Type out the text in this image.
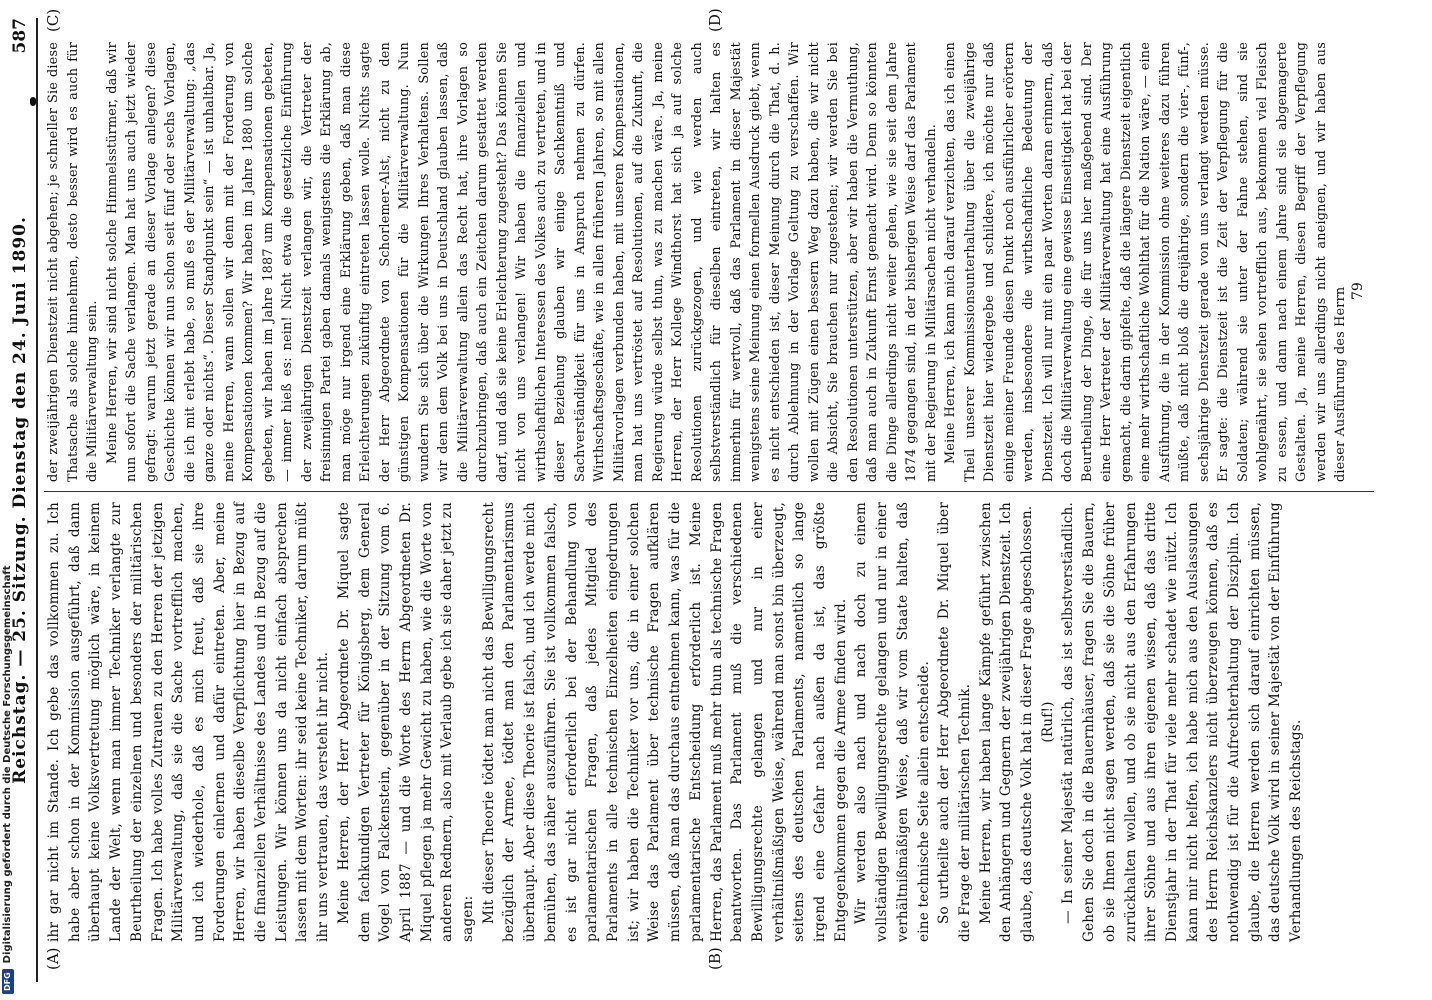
Reichstag. — 25. Sitzung. Dienstag den 24. Juni 1890.
587
(A)	(B)
(C)	(D)

ihr gar nicht im Stande. Ich gebe das vollkommen zu. Ich habe aber schon in der Kommission ausgeführt, daß dann überhaupt keine Volksvertretung möglich wäre, in keinem Lande der Welt, wenn man immer Techniker verlangte zur Beurtheilung der einzelnen und besonders der militärischen Fragen. Ich habe volles Zutrauen zu den Herren der jetzigen Militärverwaltung, daß sie die Sache vortrefflich machen, und ich wiederhole, daß es mich freut, daß sie ihre Forderungen einlernen und dafür eintreten. Aber, meine Herren, wir haben dieselbe Verpflichtung hier in Bezug auf die finanziellen Verhältnisse des Landes und in Bezug auf die Leistungen. Wir können uns da nicht einfach absprechen lassen mit dem Worten: ihr seid keine Techniker, darum müßt ihr uns vertrauen, das versteht ihr nicht. Meine Herren, der Herr Abgeordnete Dr. Miquel sagte dem fachkundigen Vertreter für Königsberg, dem General Vogel von Falckenstein, gegenüber in der Sitzung vom 6. April 1887 — und die Worte des Herrn Abgeordneten Dr. Miquel pflegen ja mehr Gewicht zu haben, wie die Worte von anderen Rednern, also mit Verlaub gebe ich sie daher jetzt zu sagen: Mit dieser Theorie tödtet man nicht das Bewilligungsrecht bezüglich der Armee, tödtet man den Parlamentarismus überhaupt. Aber diese Theorie ist falsch, und ich werde mich bemühen, das näher auszuführen. Sie ist vollkommen falsch, es ist gar nicht erforderlich bei der Behandlung von parlamentarischen Fragen, daß jedes Mitglied des Parlaments in alle technischen Einzelheiten eingedrungen ist; wir haben die Techniker vor uns, die in einer solchen Weise das Parlament über technische Fragen aufklären müssen, daß man das durchaus entnehmen kann, was für die parlamentarische Entscheidung erforderlich ist. Meine Herren, das Parlament muß mehr thun als technische Fragen beantworten. Das Parlament muß die verschiedenen Bewilligungsrechte gelangen und nur in einer verhältnißmäßigen Weise, während man sonst bin überzeugt, seitens des deutschen Parlaments, namentlich so lange irgend eine Gefahr nach außen da ist, das größte Entgegenkommen gegen die Armee finden wird. Wir werden also nach und nach doch zu einem vollständigen Bewilligungsrechte gelangen und nur in einer verhältnißmäßigen Weise, daß wir vom Staate halten, daß eine technische Seite allein entscheide. So urtheilte auch der Herr Abgeordnete Dr. Miquel über die Frage der militärischen Technik. Meine Herren, wir haben lange Kämpfe geführt zwischen den Anhängern und Gegnern der zweijährigen Dienstzeit. Ich glaube, das deutsche Volk hat in dieser Frage abgeschlossen. (Ruf!) — In seiner Majestät natürlich, das ist selbstverständlich. Gehen Sie doch in die Bauernhäuser, fragen Sie die Bauern, ob sie Ihnen nicht sagen werden, daß sie die Söhne früher zurückhalten wollen, und ob sie nicht aus den Erfahrungen ihrer Söhne und aus ihren eigenen wissen, daß das dritte Dienstjahr in der That für viele mehr schadet wie nützt. Ich kann mir nicht helfen, ich habe mich aus den Auslassungen des Herrn Reichskanzlers nicht überzeugen können, daß es nothwendig ist für die Aufrechterhaltung der Disziplin. Ich glaube, die Herren werden sich darauf einrichten müssen, das deutsche Volk wird in seiner Majestät von der Einführung Verhandlungen des Reichstags.

der zweijährigen Dienstzeit nicht abgehen; je schneller Sie diese Thatsache als solche hinnehmen, desto besser wird es auch für die Militärverwaltung sein. Meine Herren, wir sind nicht solche Himmelsstürmer, daß wir nun sofort die Sache verlangen. Man hat uns auch jetzt wieder gefragt: warum jetzt gerade an dieser Vorlage anlegen? diese Geschichte können wir nun schon seit fünf oder sechs Vorlagen, die ich mit erlebt habe, so muß es der Militärverwaltung: „das ganze oder nichts“. Dieser Standpunkt sein“ — ist unhaltbar. Ja, meine Herren, wann sollen wir denn mit der Forderung von Kompensationen kommen? Wir haben im Jahre 1880 um solche gebeten, wir haben im Jahre 1887 um Kompensationen gebeten, — immer hieß es: nein! Nicht etwa die gesetzliche Einführung der zweijährigen Dienstzeit verlangen wir, die Vertreter der freisinnigen Partei gaben damals wenigstens die Erklärung ab, man möge nur irgend eine Erklärung geben, daß man diese Erleichterungen zukünftig eintreten lassen wolle. Nichts sagte der Herr Abgeordnete von Schorlemer-Alst, nicht zu den günstigen Kompensationen für die Militärverwaltung. Nun wundern Sie sich über die Wirkungen Ihres Verhaltens. Sollen wir denn dem Volk bei uns in Deutschland glauben lassen, daß die Militärverwaltung allein das Recht hat, ihre Vorlagen so durchzubringen, daß auch ein Zeitchen darum gestattet werden darf, und daß sie keine Erleichterung zugesteht? Das können Sie nicht von uns verlangen! Wir haben die finanziellen und wirthschaftlichen Interessen des Volkes auch zu vertreten, und in dieser Beziehung glauben wir einige Sachkenntniß und Sachverständigkeit für uns in Anspruch nehmen zu dürfen. Wirthschaftsgeschäfte, wie in allen früheren Jahren, so mit allen Militärvorlagen verbunden haben, mit unseren Kompensationen, man hat uns vertröstet auf Resolutionen, auf die Zukunft, die Regierung würde selbst thun, was zu machen wäre. Ja, meine Herren, der Herr Kollege Windthorst hat sich ja auf solche Resolutionen zurückgezogen, und wie werden auch selbstverständlich für dieselben eintreten, wir halten es immerhin für wertvoll, daß das Parlament in dieser Majestät wenigstens seine Meinung einen formellen Ausdruck giebt, wenn es nicht entschieden ist, dieser Meinung durch die That, d. h. durch Ablehnung in der Vorlage Geltung zu verschaffen. Wir wollen mit Zügen einen bessern Weg dazu haben, die wir nicht die Absicht, Sie brauchen nur zugestehen; wir werden Sie bei den Resolutionen unterstützen, aber wir haben die Vermuthung, daß man auch in Zukunft Ernst gemacht wird. Denn so könnten die Dinge allerdings nicht weiter gehen, wie sie seit dem Jahre 1874 gegangen sind, in der bisherigen Weise darf das Parlament mit der Regierung in Militärsachen nicht verhandeln. Meine Herren, ich kann mich darauf verzichten, das ich einen Theil unserer Kommissionsunterhaltung über die zweijährige Dienstzeit hier wiedergebe und schildere, ich möchte nur daß einige meiner Freunde diesen Punkt noch ausführlicher erörtern werden, insbesondere die wirthschaftliche Bedeutung der Dienstzeit. Ich will nur mit ein paar Worten daran erinnern, daß doch die Militärverwaltung eine gewisse Einseitigkeit hat bei der Beurtheilung der Dinge, die für uns hier maßgebend sind. Der eine Herr Vertreter der Militärverwaltung hat eine Ausführung gemacht, die darin gipfelte, daß die längere Dienstzeit eigentlich eine mehr wirthschaftliche Wohlthat für die Nation wäre, — eine Ausführung, die in der Kommission ohne weiteres dazu führen müßte, daß nicht bloß die dreijährige, sondern die vier-, fünf-, sechsjährige Dienstzeit gerade von uns verlangt werden müsse. Er sagte: die Dienstzeit ist die Zeit der Verpflegung für die Soldaten; während sie unter der Fahne stehen, sind sie wohlgenährt, sie sehen vortrefflich aus, bekommen viel Fleisch zu essen, und dann nach einem Jahre sind sie abgemagerte Gestalten. Ja, meine Herren, diesen Begriff der Verpflegung werden wir uns allerdings nicht aneignen, und wir haben aus dieser Ausführung des Herrn 79
DFGDigitalisierung gefördert durch die Deutsche Forschungsgemeinschaft
